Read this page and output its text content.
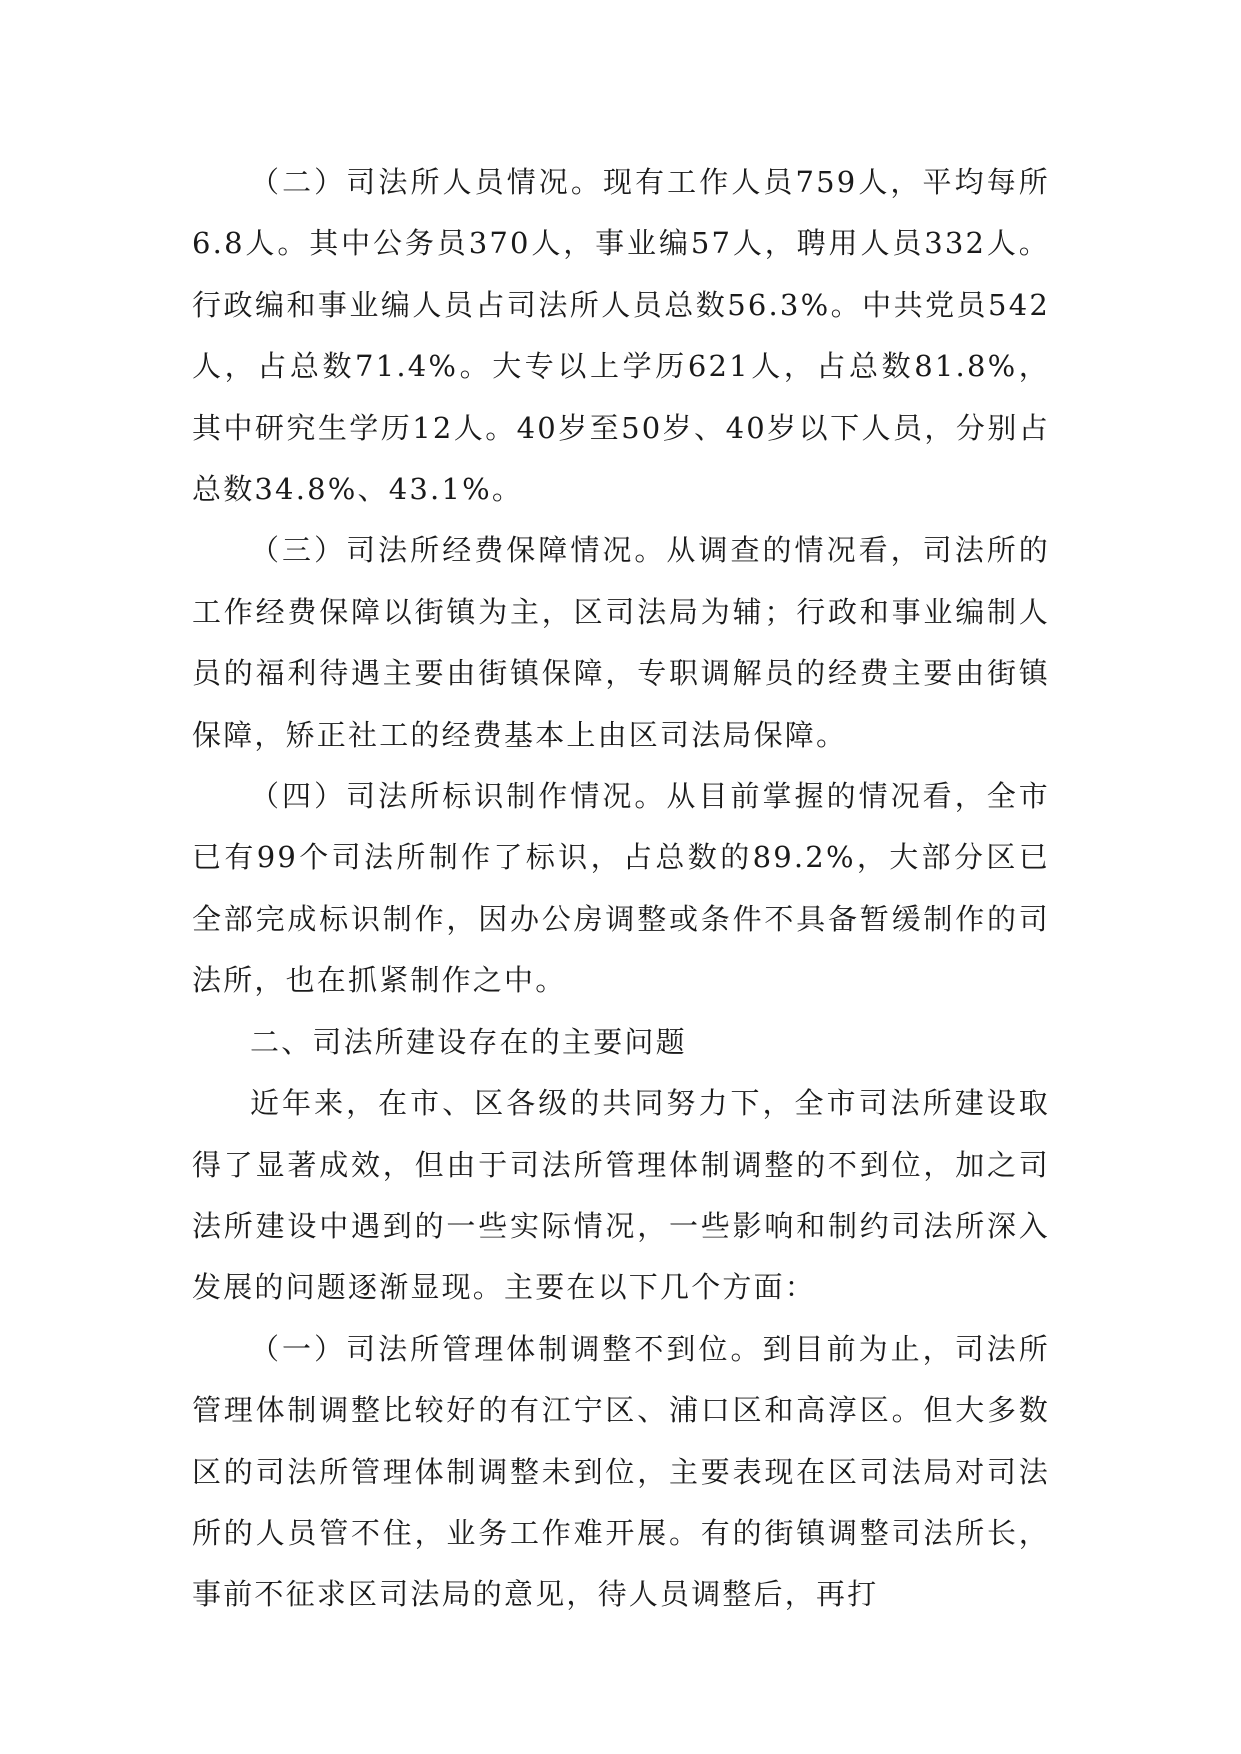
（二）司法所人员情况。现有工作人员759人，平均每所6.8人。其中公务员370人，事业编57人，聘用人员332人。行政编和事业编人员占司法所人员总数56.3%。中共党员542人，占总数71.4%。大专以上学历621人，占总数81.8%，其中研究生学历12人。40岁至50岁、40岁以下人员，分别占总数34.8%、43.1%。

（三）司法所经费保障情况。从调查的情况看，司法所的工作经费保障以街镇为主，区司法局为辅；行政和事业编制人员的福利待遇主要由街镇保障，专职调解员的经费主要由街镇保障，矫正社工的经费基本上由区司法局保障。

（四）司法所标识制作情况。从目前掌握的情况看，全市已有99个司法所制作了标识，占总数的89.2%，大部分区已全部完成标识制作，因办公房调整或条件不具备暂缓制作的司法所，也在抓紧制作之中。

二、司法所建设存在的主要问题

近年来，在市、区各级的共同努力下，全市司法所建设取得了显著成效，但由于司法所管理体制调整的不到位，加之司法所建设中遇到的一些实际情况，一些影响和制约司法所深入发展的问题逐渐显现。主要在以下几个方面：

（一）司法所管理体制调整不到位。到目前为止，司法所管理体制调整比较好的有江宁区、浦口区和高淳区。但大多数区的司法所管理体制调整未到位，主要表现在区司法局对司法所的人员管不住，业务工作难开展。有的街镇调整司法所长，事前不征求区司法局的意见，待人员调整后，再打
